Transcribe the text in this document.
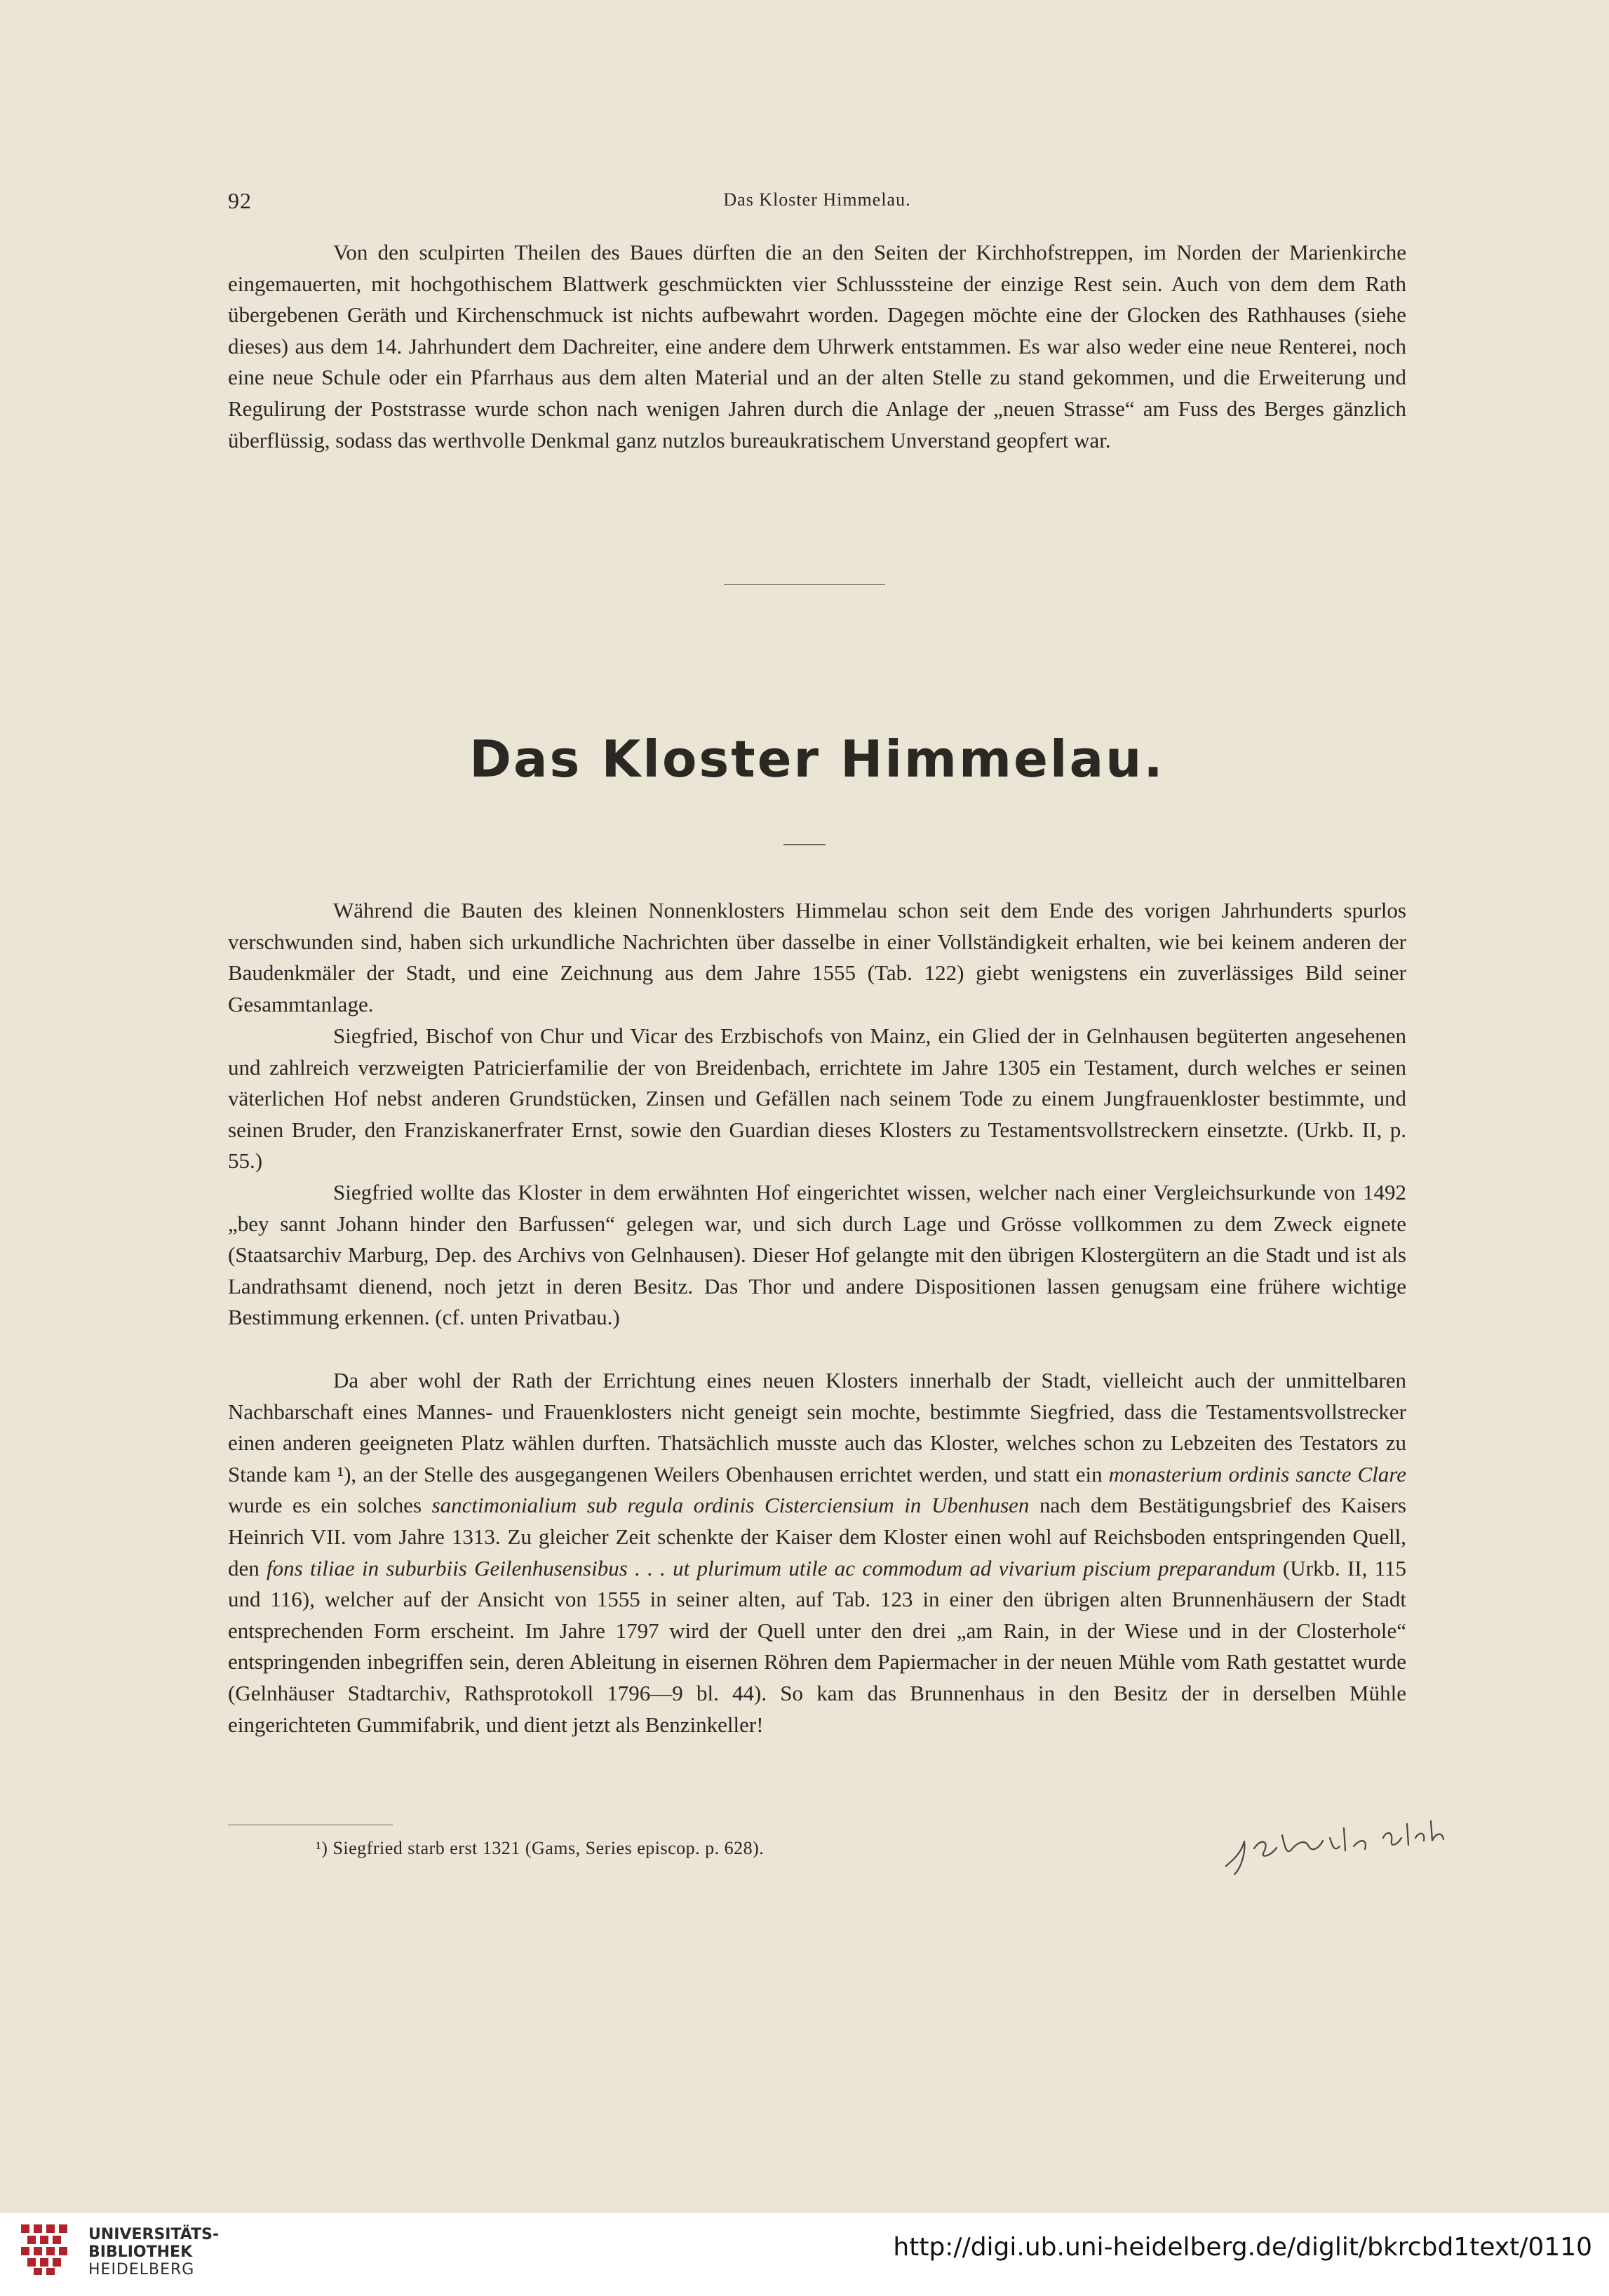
92	Das Kloster Himmelau.

Von den sculpirten Theilen des Baues dürften die an den Seiten der Kirchhofstreppen, im Norden der Marienkirche eingemauerten, mit hochgothischem Blattwerk geschmückten vier Schlusssteine der einzige Rest sein. Auch von dem dem Rath übergebenen Geräth und Kirchenschmuck ist nichts aufbewahrt worden. Dagegen möchte eine der Glocken des Rathhauses (siehe dieses) aus dem 14. Jahrhundert dem Dachreiter, eine andere dem Uhrwerk entstammen. Es war also weder eine neue Renterei, noch eine neue Schule oder ein Pfarrhaus aus dem alten Material und an der alten Stelle zu stand gekommen, und die Erweiterung und Regulirung der Poststrasse wurde schon nach wenigen Jahren durch die Anlage der „neuen Strasse“ am Fuss des Berges gänzlich überflüssig, sodass das werthvolle Denkmal ganz nutzlos bureaukratischem Unverstand geopfert war.

Das Kloster Himmelau.

Während die Bauten des kleinen Nonnenklosters Himmelau schon seit dem Ende des vorigen Jahrhunderts spurlos verschwunden sind, haben sich urkundliche Nachrichten über dasselbe in einer Vollständigkeit erhalten, wie bei keinem anderen der Baudenkmäler der Stadt, und eine Zeichnung aus dem Jahre 1555 (Tab. 122) giebt wenigstens ein zuverlässiges Bild seiner Gesammtanlage.

Siegfried, Bischof von Chur und Vicar des Erzbischofs von Mainz, ein Glied der in Gelnhausen begüterten angesehenen und zahlreich verzweigten Patricierfamilie der von Breidenbach, errichtete im Jahre 1305 ein Testament, durch welches er seinen väterlichen Hof nebst anderen Grundstücken, Zinsen und Gefällen nach seinem Tode zu einem Jungfrauenkloster bestimmte, und seinen Bruder, den Franziskanerfrater Ernst, sowie den Guardian dieses Klosters zu Testamentsvollstreckern einsetzte. (Urkb. II, p. 55.)

Siegfried wollte das Kloster in dem erwähnten Hof eingerichtet wissen, welcher nach einer Vergleichsurkunde von 1492 „bey sannt Johann hinder den Barfussen“ gelegen war, und sich durch Lage und Grösse vollkommen zu dem Zweck eignete (Staatsarchiv Marburg, Dep. des Archivs von Gelnhausen). Dieser Hof gelangte mit den übrigen Klostergütern an die Stadt und ist als Landrathsamt dienend, noch jetzt in deren Besitz. Das Thor und andere Dispositionen lassen genugsam eine frühere wichtige Bestimmung erkennen. (cf. unten Privatbau.)

Da aber wohl der Rath der Errichtung eines neuen Klosters innerhalb der Stadt, vielleicht auch der unmittelbaren Nachbarschaft eines Mannes- und Frauenklosters nicht geneigt sein mochte, bestimmte Siegfried, dass die Testamentsvollstrecker einen anderen geeigneten Platz wählen durften. Thatsächlich musste auch das Kloster, welches schon zu Lebzeiten des Testators zu Stande kam ¹), an der Stelle des ausgegangenen Weilers Obenhausen errichtet werden, und statt ein monasterium ordinis sancte Clare wurde es ein solches sanctimonialium sub regula ordinis Cisterciensium in Ubenhusen nach dem Bestätigungsbrief des Kaisers Heinrich VII. vom Jahre 1313. Zu gleicher Zeit schenkte der Kaiser dem Kloster einen wohl auf Reichsboden entspringenden Quell, den fons tiliae in suburbiis Geilenhusensibus . . . ut plurimum utile ac commodum ad vivarium piscium preparandum (Urkb. II, 115 und 116), welcher auf der Ansicht von 1555 in seiner alten, auf Tab. 123 in einer den übrigen alten Brunnenhäusern der Stadt entsprechenden Form erscheint. Im Jahre 1797 wird der Quell unter den drei „am Rain, in der Wiese und in der Closterhole“ entspringenden inbegriffen sein, deren Ableitung in eisernen Röhren dem Papiermacher in der neuen Mühle vom Rath gestattet wurde (Gelnhäuser Stadtarchiv, Rathsprotokoll 1796—9 bl. 44). So kam das Brunnenhaus in den Besitz der in derselben Mühle eingerichteten Gummifabrik, und dient jetzt als Benzinkeller!

¹) Siegfried starb erst 1321 (Gams, Series episcop. p. 628).
UNIVERSITÄTS-
BIBLIOTHEK
HEIDELBERG
http://digi.ub.uni-heidelberg.de/diglit/bkrcbd1text/0110
